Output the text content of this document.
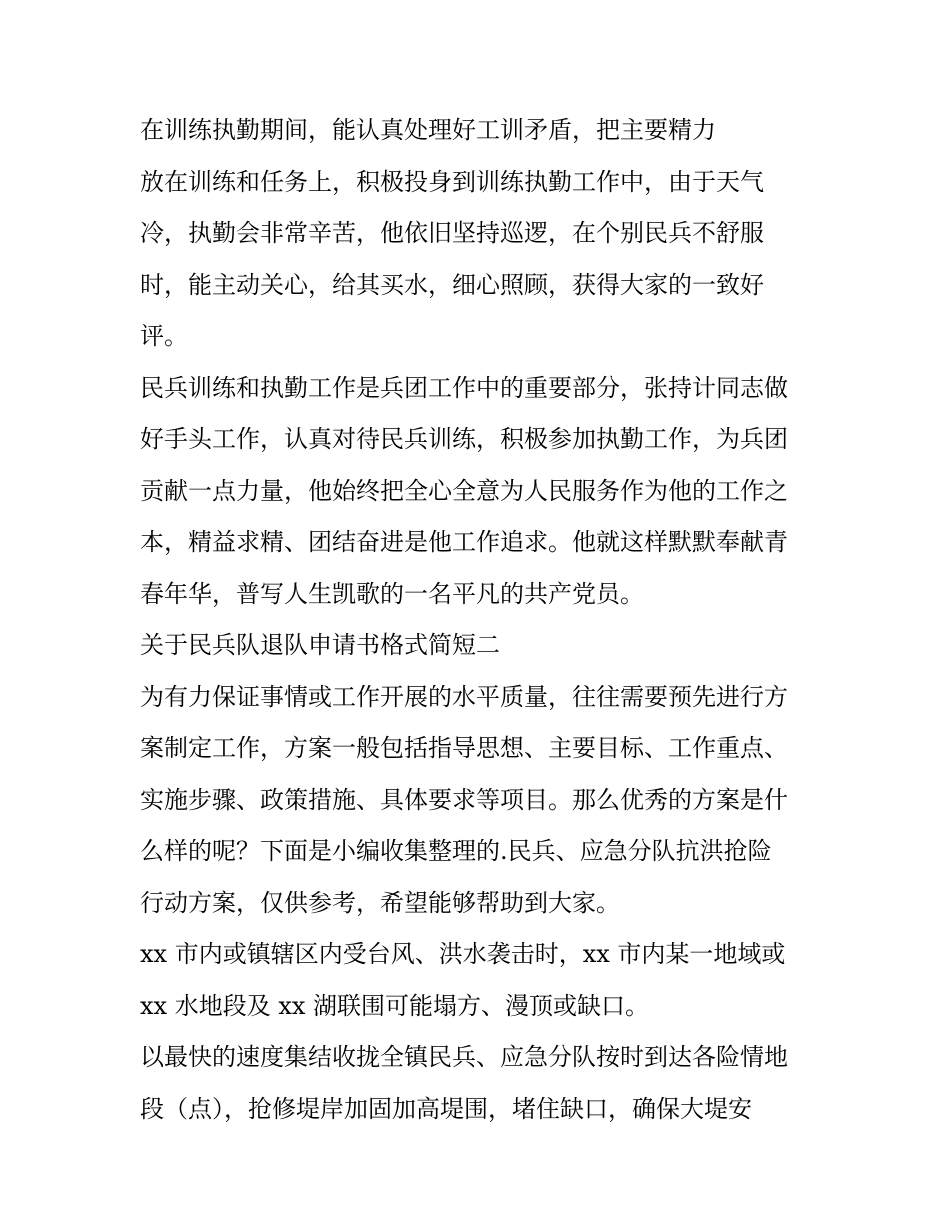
在训练执勤期间，能认真处理好工训矛盾，把主要精力
放在训练和任务上，积极投身到训练执勤工作中，由于天气
冷，执勤会非常辛苦，他依旧坚持巡逻，在个别民兵不舒服
时，能主动关心，给其买水，细心照顾，获得大家的一致好
评。
民兵训练和执勤工作是兵团工作中的重要部分，张持计同志做
好手头工作，认真对待民兵训练，积极参加执勤工作，为兵团
贡献一点力量，他始终把全心全意为人民服务作为他的工作之
本，精益求精、团结奋进是他工作追求。他就这样默默奉献青
春年华，普写人生凯歌的一名平凡的共产党员。
关于民兵队退队申请书格式简短二
为有力保证事情或工作开展的水平质量，往往需要预先进行方
案制定工作，方案一般包括指导思想、主要目标、工作重点、
实施步骤、政策措施、具体要求等项目。那么优秀的方案是什
么样的呢？下面是小编收集整理的.民兵、应急分队抗洪抢险
行动方案，仅供参考，希望能够帮助到大家。
xx 市内或镇辖区内受台风、洪水袭击时，xx 市内某一地域或
xx 水地段及 xx 湖联围可能塌方、漫顶或缺口。
以最快的速度集结收拢全镇民兵、应急分队按时到达各险情地
段（点），抢修堤岸加固加高堤围，堵住缺口，确保大堤安
